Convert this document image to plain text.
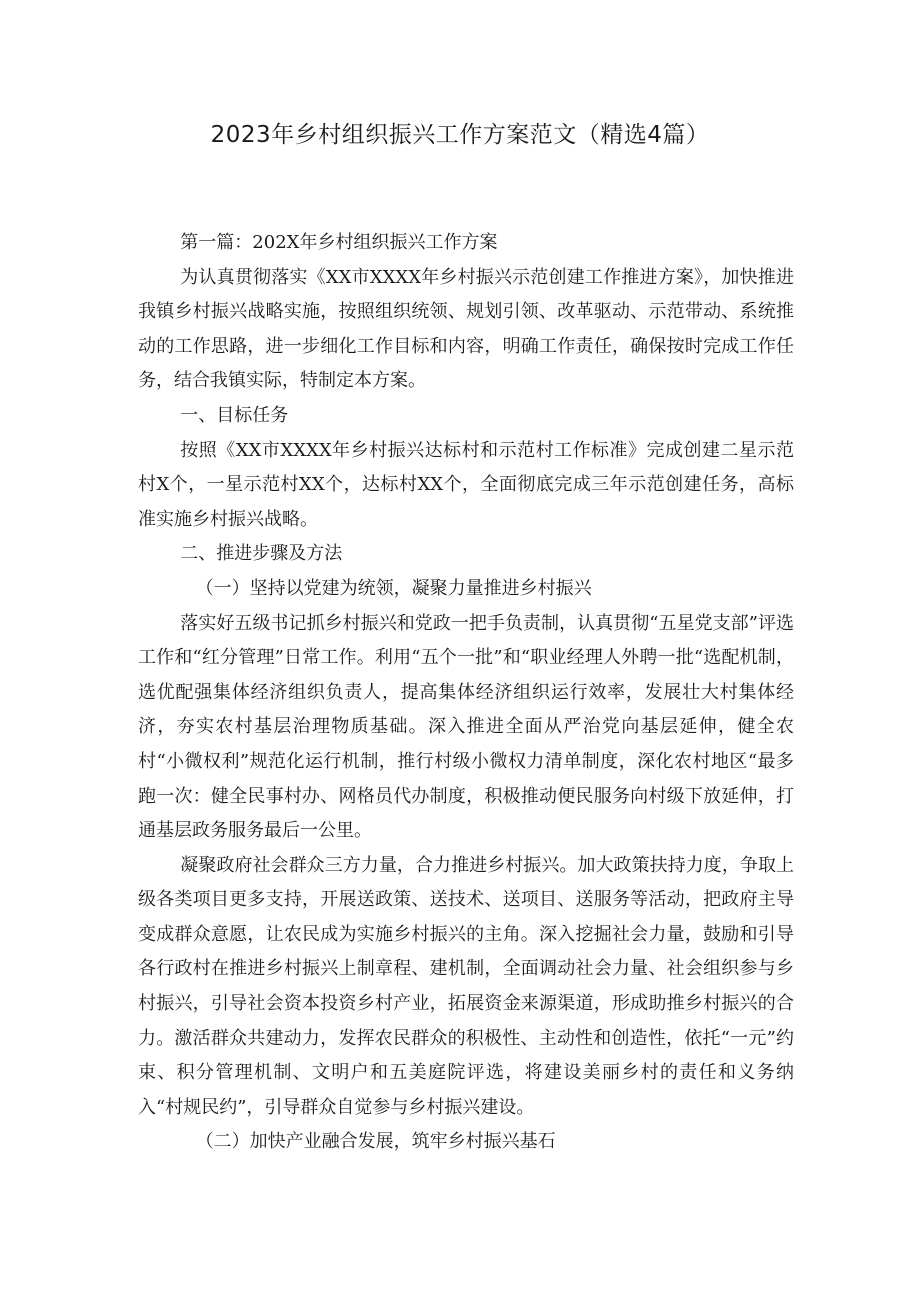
2023年乡村组织振兴工作方案范文（精选4篇）

第一篇：202X年乡村组织振兴工作方案

为认真贯彻落实《XX市XXXX年乡村振兴示范创建工作推进方案》，加快推进我镇乡村振兴战略实施，按照组织统领、规划引领、改革驱动、示范带动、系统推动的工作思路，进一步细化工作目标和内容，明确工作责任，确保按时完成工作任务，结合我镇实际，特制定本方案。

一、目标任务

按照《XX市XXXX年乡村振兴达标村和示范村工作标准》完成创建二星示范村X个，一星示范村XX个，达标村XX个，全面彻底完成三年示范创建任务，高标准实施乡村振兴战略。

二、推进步骤及方法

（一）坚持以党建为统领，凝聚力量推进乡村振兴

落实好五级书记抓乡村振兴和党政一把手负责制，认真贯彻“五星党支部”评选工作和“红分管理”日常工作。利用“五个一批”和“职业经理人外聘一批“选配机制，选优配强集体经济组织负责人，提高集体经济组织运行效率，发展壮大村集体经济，夯实农村基层治理物质基础。深入推进全面从严治党向基层延伸，健全农村“小微权利”规范化运行机制，推行村级小微权力清单制度，深化农村地区“最多跑一次：健全民事村办、网格员代办制度，积极推动便民服务向村级下放延伸，打通基层政务服务最后一公里。

凝聚政府社会群众三方力量，合力推进乡村振兴。加大政策扶持力度，争取上级各类项目更多支持，开展送政策、送技术、送项目、送服务等活动，把政府主导变成群众意愿，让农民成为实施乡村振兴的主角。深入挖掘社会力量，鼓励和引导各行政村在推进乡村振兴上制章程、建机制，全面调动社会力量、社会组织参与乡村振兴，引导社会资本投资乡村产业，拓展资金来源渠道，形成助推乡村振兴的合力。激活群众共建动力，发挥农民群众的积极性、主动性和创造性，依托“一元”约束、积分管理机制、文明户和五美庭院评选，将建设美丽乡村的责任和义务纳入“村规民约”，引导群众自觉参与乡村振兴建设。

（二）加快产业融合发展，筑牢乡村振兴基石
